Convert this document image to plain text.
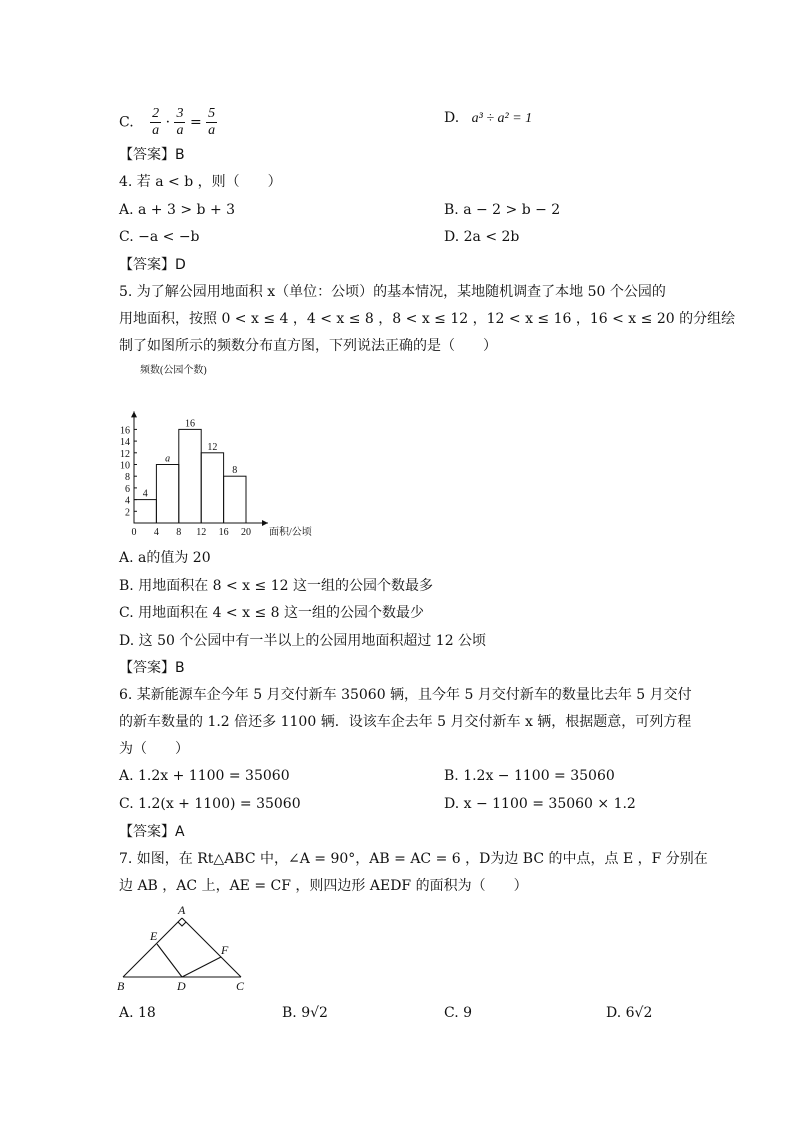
C. $\frac{2}{a} \cdot \frac{3}{a} = \frac{5}{a}$	D. a³ ÷ a² = 1
【答案】B
4. 若 a < b ，则（　　）
A. a + 3 > b + 3	B. a − 2 > b − 2
C. −a < −b	D. 2a < 2b
【答案】D
5. 为了解公园用地面积 x（单位：公顷）的基本情况，某地随机调查了本地 50 个公园的
用地面积，按照 0 < x ≤ 4 ，4 < x ≤ 8 ，8 < x ≤ 12 ，12 < x ≤ 16 ，16 < x ≤ 20 的分组绘
制了如图所示的频数分布直方图，下列说法正确的是（　　）
2
4
6
8
10
12
14
16
0 4 8 12 16 20
4
a
16
12
8
频数(公园个数)
面积/公顷
A. a的值为 20
B. 用地面积在 8 < x ≤ 12 这一组的公园个数最多
C. 用地面积在 4 < x ≤ 8 这一组的公园个数最少
D. 这 50 个公园中有一半以上的公园用地面积超过 12 公顷
【答案】B
6. 某新能源车企今年 5 月交付新车 35060 辆，且今年 5 月交付新车的数量比去年 5 月交付
的新车数量的 1.2 倍还多 1100 辆．设该车企去年 5 月交付新车 x 辆，根据题意，可列方程
为（　　）
A. 1.2x + 1100 = 35060	B. 1.2x − 1100 = 35060
C. 1.2(x + 1100) = 35060	D. x − 1100 = 35060 × 1.2
【答案】A
7. 如图，在 Rt△ABC 中，∠A = 90°，AB = AC = 6 ，D为边 BC 的中点，点 E ，F 分别在
边 AB ，AC 上，AE = CF ，则四边形 AEDF 的面积为（　　）
A
B	C
D
E
F
A. 18	B. 9√2	C. 9	D. 6√2
